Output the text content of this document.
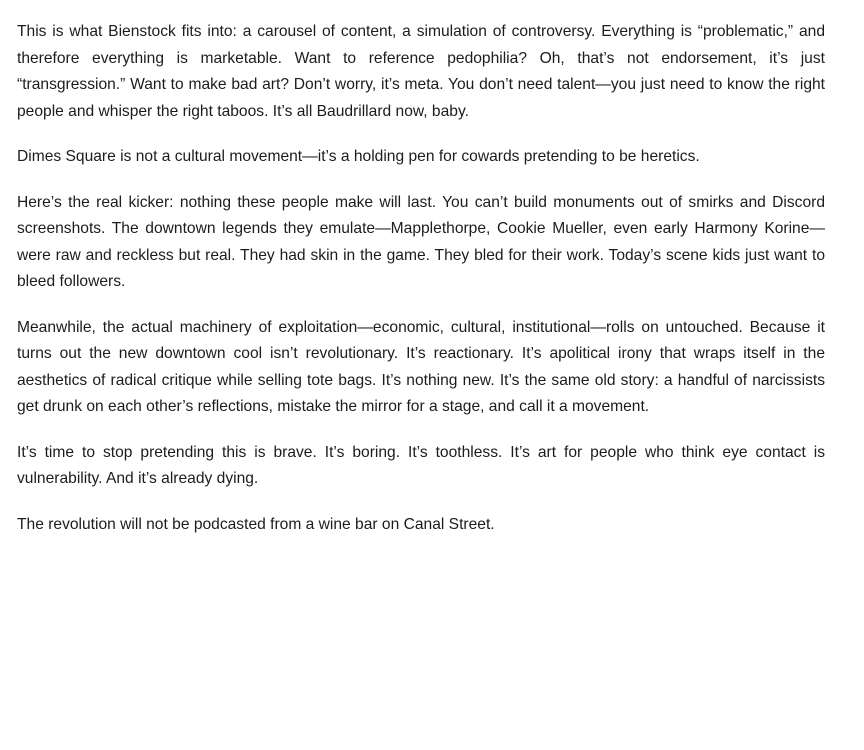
This is what Bienstock fits into: a carousel of content, a simulation of controversy. Everything is “problematic,” and therefore everything is marketable. Want to reference pedophilia? Oh, that’s not endorsement, it’s just “transgression.” Want to make bad art? Don’t worry, it’s meta. You don’t need talent—you just need to know the right people and whisper the right taboos. It’s all Baudrillard now, baby.

Dimes Square is not a cultural movement—it’s a holding pen for cowards pretending to be heretics.

Here’s the real kicker: nothing these people make will last. You can’t build monuments out of smirks and Discord screenshots. The downtown legends they emulate—Mapplethorpe, Cookie Mueller, even early Harmony Korine—were raw and reckless but real. They had skin in the game. They bled for their work. Today’s scene kids just want to bleed followers.

Meanwhile, the actual machinery of exploitation—economic, cultural, institutional—rolls on untouched. Because it turns out the new downtown cool isn’t revolutionary. It’s reactionary. It’s apolitical irony that wraps itself in the aesthetics of radical critique while selling tote bags. It’s nothing new. It’s the same old story: a handful of narcissists get drunk on each other’s reflections, mistake the mirror for a stage, and call it a movement.

It’s time to stop pretending this is brave. It’s boring. It’s toothless. It’s art for people who think eye contact is vulnerability. And it’s already dying.

The revolution will not be podcasted from a wine bar on Canal Street.
